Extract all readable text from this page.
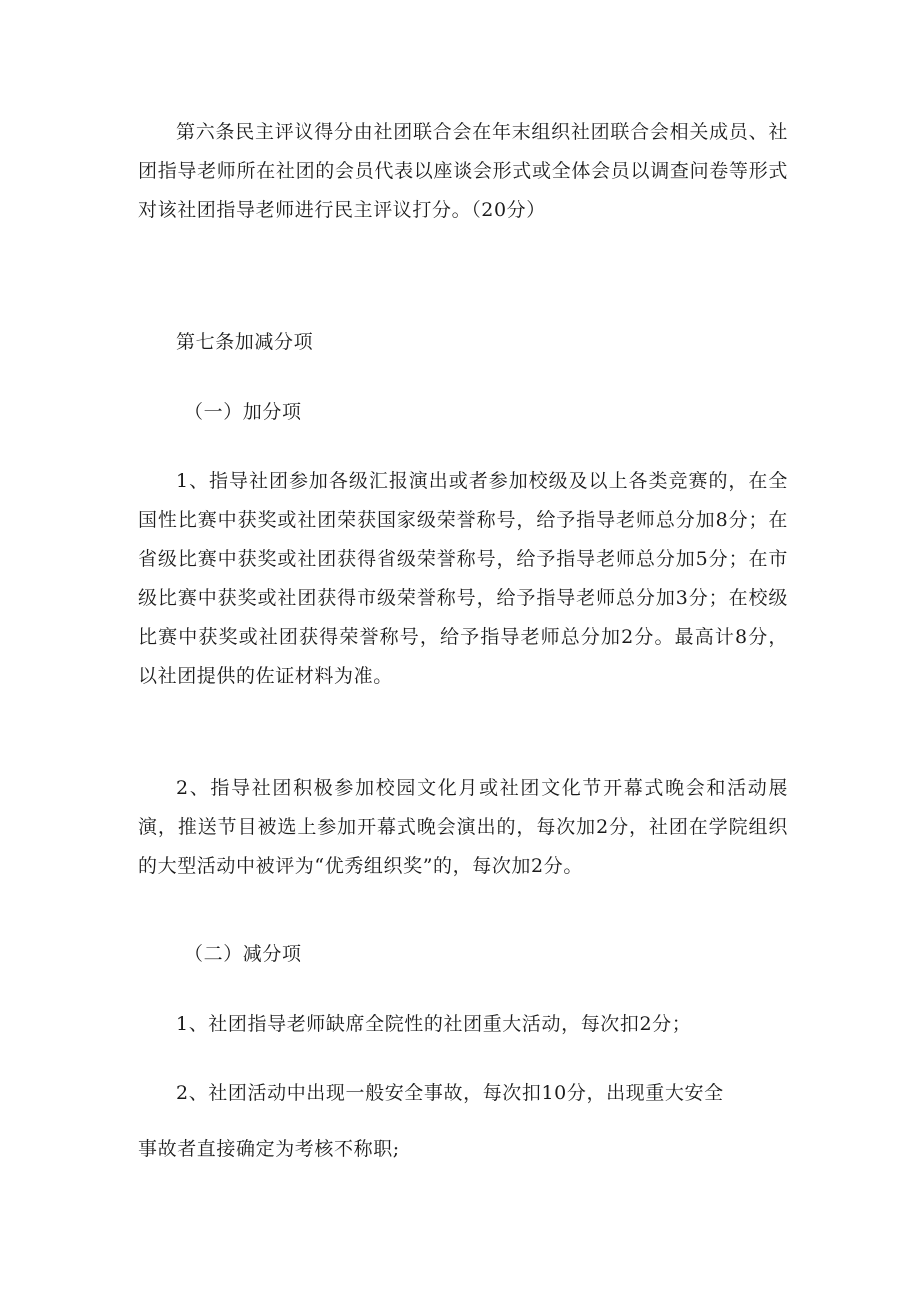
第六条民主评议得分由社团联合会在年末组织社团联合会相关成员、社团指导老师所在社团的会员代表以座谈会形式或全体会员以调查问卷等形式对该社团指导老师进行民主评议打分。（20分）

第七条加减分项

（一）加分项

1、指导社团参加各级汇报演出或者参加校级及以上各类竞赛的，在全国性比赛中获奖或社团荣获国家级荣誉称号，给予指导老师总分加8分；在省级比赛中获奖或社团获得省级荣誉称号，给予指导老师总分加5分；在市级比赛中获奖或社团获得市级荣誉称号，给予指导老师总分加3分；在校级比赛中获奖或社团获得荣誉称号，给予指导老师总分加2分。最高计8分，以社团提供的佐证材料为准。

2、指导社团积极参加校园文化月或社团文化节开幕式晚会和活动展演，推送节目被选上参加开幕式晚会演出的，每次加2分，社团在学院组织的大型活动中被评为“优秀组织奖”的，每次加2分。

（二）减分项

1、社团指导老师缺席全院性的社团重大活动，每次扣2分；

2、社团活动中出现一般安全事故，每次扣10分，出现重大安全

事故者直接确定为考核不称职;
